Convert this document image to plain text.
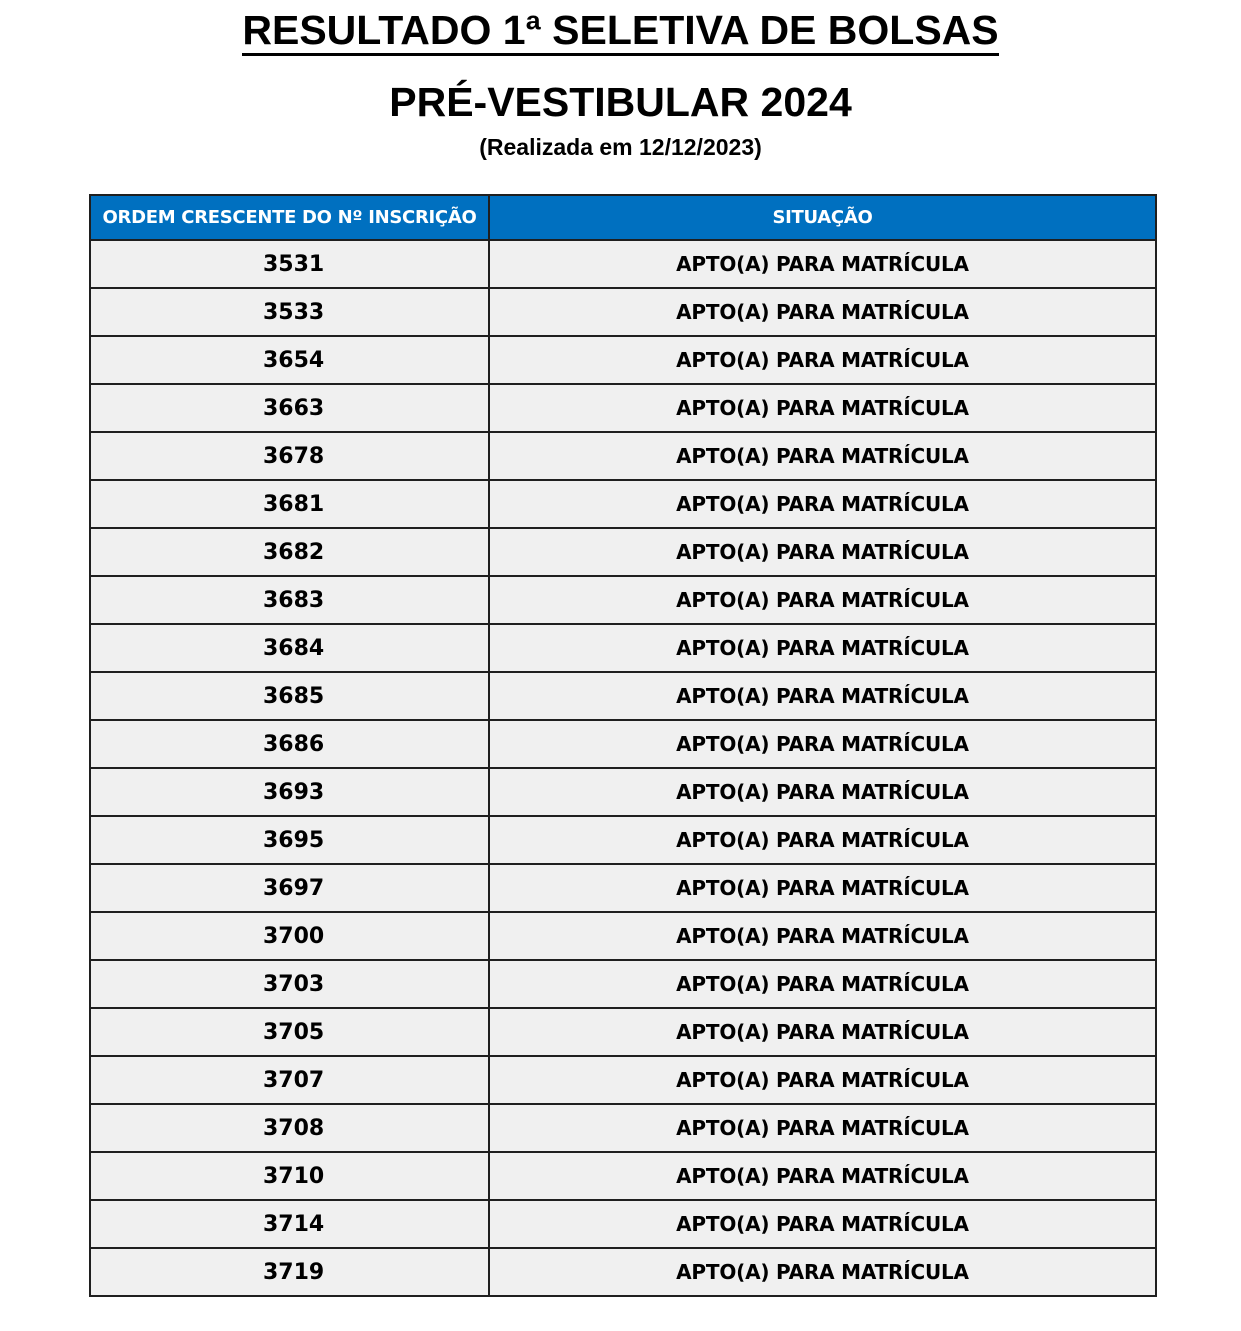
RESULTADO 1ª SELETIVA DE BOLSAS
PRÉ-VESTIBULAR 2024
(Realizada em 12/12/2023)
ORDEM CRESCENTE DO Nº INSCRIÇÃO	SITUAÇÃO
3531	APTO(A) PARA MATRÍCULA
3533	APTO(A) PARA MATRÍCULA
3654	APTO(A) PARA MATRÍCULA
3663	APTO(A) PARA MATRÍCULA
3678	APTO(A) PARA MATRÍCULA
3681	APTO(A) PARA MATRÍCULA
3682	APTO(A) PARA MATRÍCULA
3683	APTO(A) PARA MATRÍCULA
3684	APTO(A) PARA MATRÍCULA
3685	APTO(A) PARA MATRÍCULA
3686	APTO(A) PARA MATRÍCULA
3693	APTO(A) PARA MATRÍCULA
3695	APTO(A) PARA MATRÍCULA
3697	APTO(A) PARA MATRÍCULA
3700	APTO(A) PARA MATRÍCULA
3703	APTO(A) PARA MATRÍCULA
3705	APTO(A) PARA MATRÍCULA
3707	APTO(A) PARA MATRÍCULA
3708	APTO(A) PARA MATRÍCULA
3710	APTO(A) PARA MATRÍCULA
3714	APTO(A) PARA MATRÍCULA
3719	APTO(A) PARA MATRÍCULA
